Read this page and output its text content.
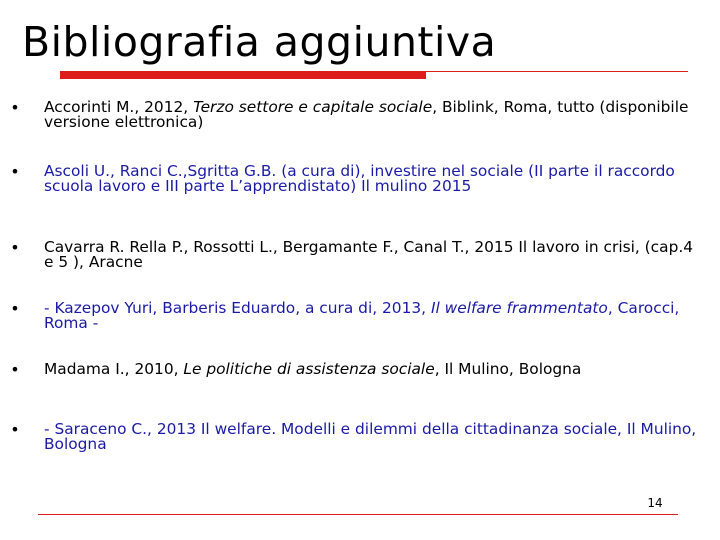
Bibliografia aggiuntiva
• Accorinti M., 2012, Terzo settore e capitale sociale, Biblink, Roma, tutto (disponibile versione elettronica)
• Ascoli U., Ranci C.,Sgritta G.B. (a cura di), investire nel sociale (II parte il raccordo scuola lavoro e III parte L’apprendistato) Il mulino 2015
• Cavarra R. Rella P., Rossotti L., Bergamante F., Canal T., 2015 Il lavoro in crisi, (cap.4 e 5 ), Aracne
• - Kazepov Yuri, Barberis Eduardo, a cura di, 2013, Il welfare frammentato, Carocci, Roma -
• Madama I., 2010, Le politiche di assistenza sociale, Il Mulino, Bologna
• - Saraceno C., 2013 Il welfare. Modelli e dilemmi della cittadinanza sociale, Il Mulino, Bologna
14
